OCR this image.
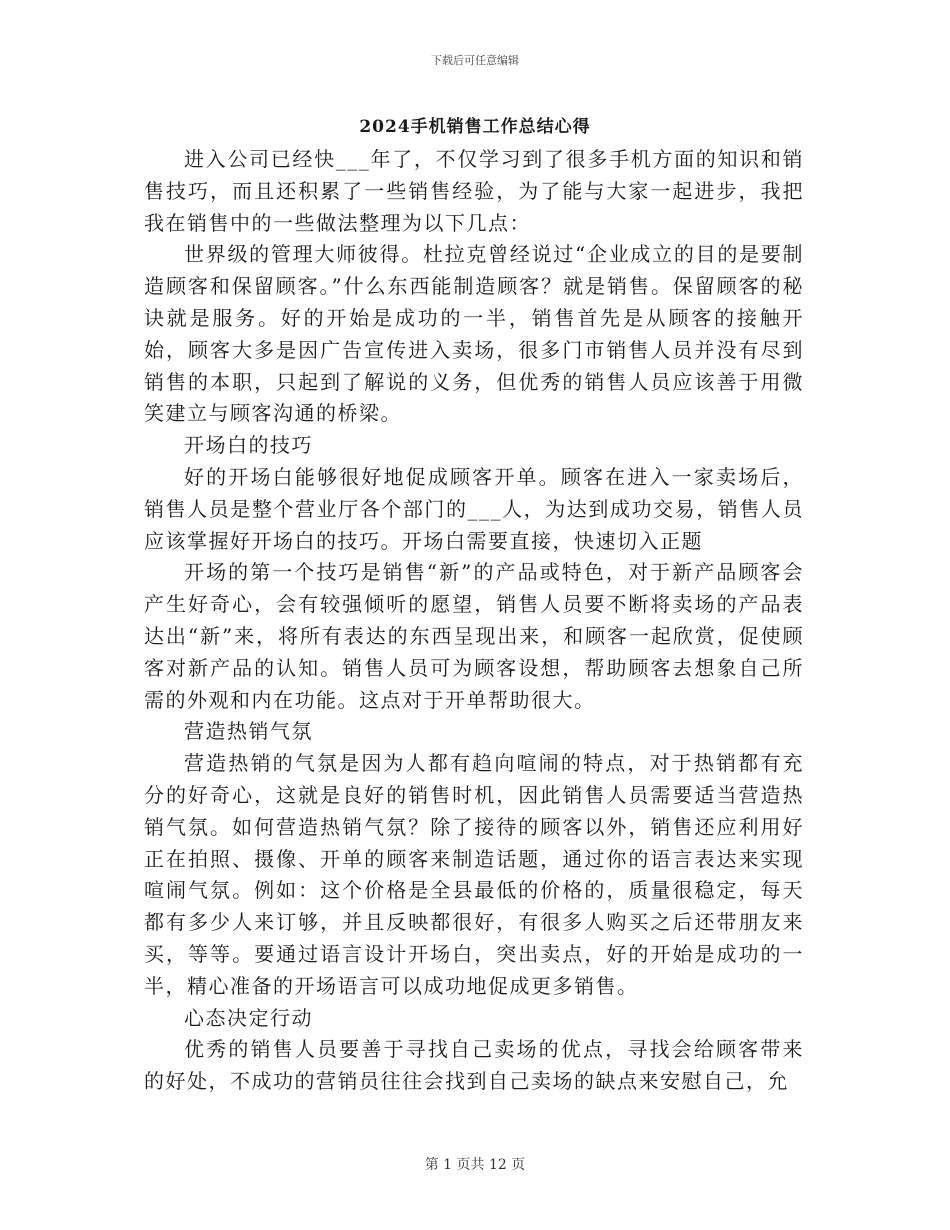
下载后可任意编辑
2024手机销售工作总结心得

进入公司已经快___年了，不仅学习到了很多手机方面的知识和销售技巧，而且还积累了一些销售经验，为了能与大家一起进步，我把我在销售中的一些做法整理为以下几点：

世界级的管理大师彼得。杜拉克曾经说过“企业成立的目的是要制造顾客和保留顾客。”什么东西能制造顾客？就是销售。保留顾客的秘诀就是服务。好的开始是成功的一半，销售首先是从顾客的接触开始，顾客大多是因广告宣传进入卖场，很多门市销售人员并没有尽到销售的本职，只起到了解说的义务，但优秀的销售人员应该善于用微笑建立与顾客沟通的桥梁。

开场白的技巧

好的开场白能够很好地促成顾客开单。顾客在进入一家卖场后，销售人员是整个营业厅各个部门的___人，为达到成功交易，销售人员应该掌握好开场白的技巧。开场白需要直接，快速切入正题

开场的第一个技巧是销售“新”的产品或特色，对于新产品顾客会产生好奇心，会有较强倾听的愿望，销售人员要不断将卖场的产品表达出“新”来，将所有表达的东西呈现出来，和顾客一起欣赏，促使顾客对新产品的认知。销售人员可为顾客设想，帮助顾客去想象自己所需的外观和内在功能。这点对于开单帮助很大。

营造热销气氛

营造热销的气氛是因为人都有趋向喧闹的特点，对于热销都有充分的好奇心，这就是良好的销售时机，因此销售人员需要适当营造热销气氛。如何营造热销气氛？除了接待的顾客以外，销售还应利用好正在拍照、摄像、开单的顾客来制造话题，通过你的语言表达来实现喧闹气氛。例如：这个价格是全县最低的价格的，质量很稳定，每天都有多少人来订够，并且反映都很好，有很多人购买之后还带朋友来买，等等。要通过语言设计开场白，突出卖点，好的开始是成功的一半，精心准备的开场语言可以成功地促成更多销售。

心态决定行动

优秀的销售人员要善于寻找自己卖场的优点，寻找会给顾客带来的好处，不成功的营销员往往会找到自己卖场的缺点来安慰自己，允

第 1 页共 12 页
